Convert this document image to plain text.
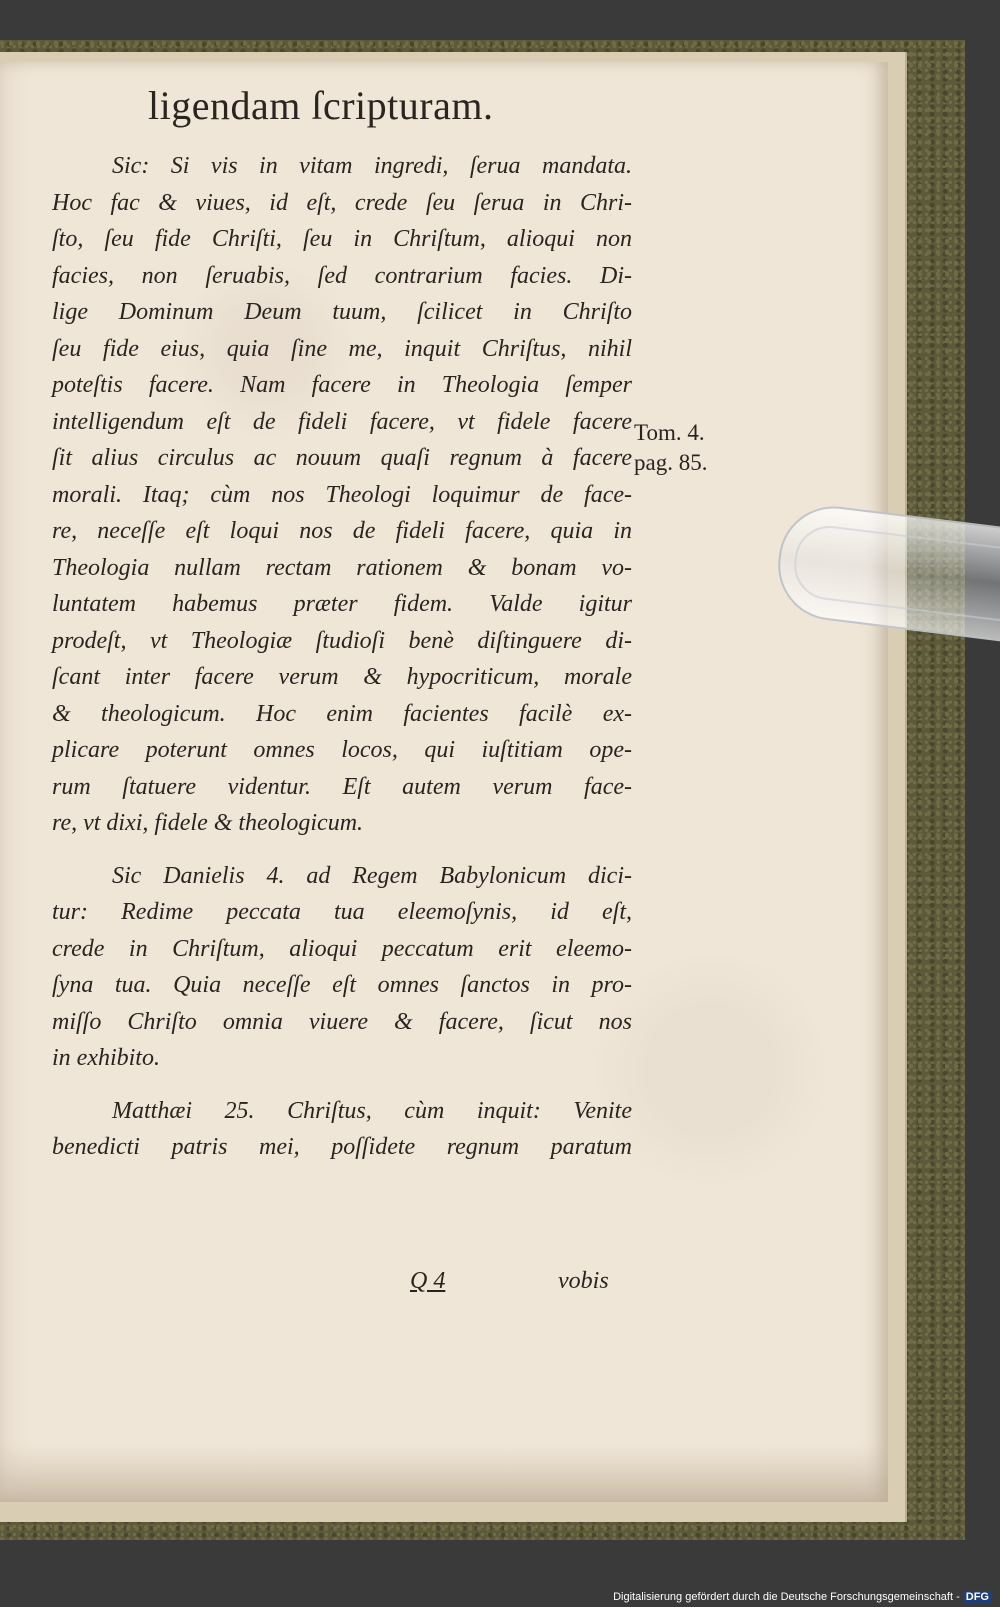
ligendam ſcripturam.
Sic: Si vis in vitam ingredi, ſerua mandata.
Hoc fac & viues, id eſt, crede ſeu ſerua in Chri-
ſto, ſeu fide Chriſti, ſeu in Chriſtum, alioqui non
facies, non ſeruabis, ſed contrarium facies. Di-
lige Dominum Deum tuum, ſcilicet in Chriſto
ſeu fide eius, quia ſine me, inquit Chriſtus, nihil
poteſtis facere. Nam facere in Theologia ſemper
intelligendum eſt de fideli facere, vt fidele facere
ſit alius circulus ac nouum quaſi regnum à facere
morali. Itaq; cùm nos Theologi loquimur de face-
re, neceſſe eſt loqui nos de fideli facere, quia in
Theologia nullam rectam rationem & bonam vo-
luntatem habemus præter fidem. Valde igitur
prodeſt, vt Theologiæ ſtudioſi benè diſtinguere di-
ſcant inter facere verum & hypocriticum, morale
& theologicum. Hoc enim facientes facilè ex-
plicare poterunt omnes locos, qui iuſtitiam ope-
rum ſtatuere videntur. Eſt autem verum face-
re, vt dixi, fidele & theologicum.
Sic Danielis 4. ad Regem Babylonicum dici-
tur: Redime peccata tua eleemoſynis, id eſt,
crede in Chriſtum, alioqui peccatum erit eleemo-
ſyna tua. Quia neceſſe eſt omnes ſanctos in pro-
miſſo Chriſto omnia viuere & facere, ſicut nos
in exhibito.
Matthæi 25. Chriſtus, cùm inquit: Venite
benedicti patris mei, poſſidete regnum paratum
Tom. 4.
pag. 85.
Q 4	vobis
Digitalisierung gefördert durch die Deutsche Forschungsgemeinschaft - DFG
